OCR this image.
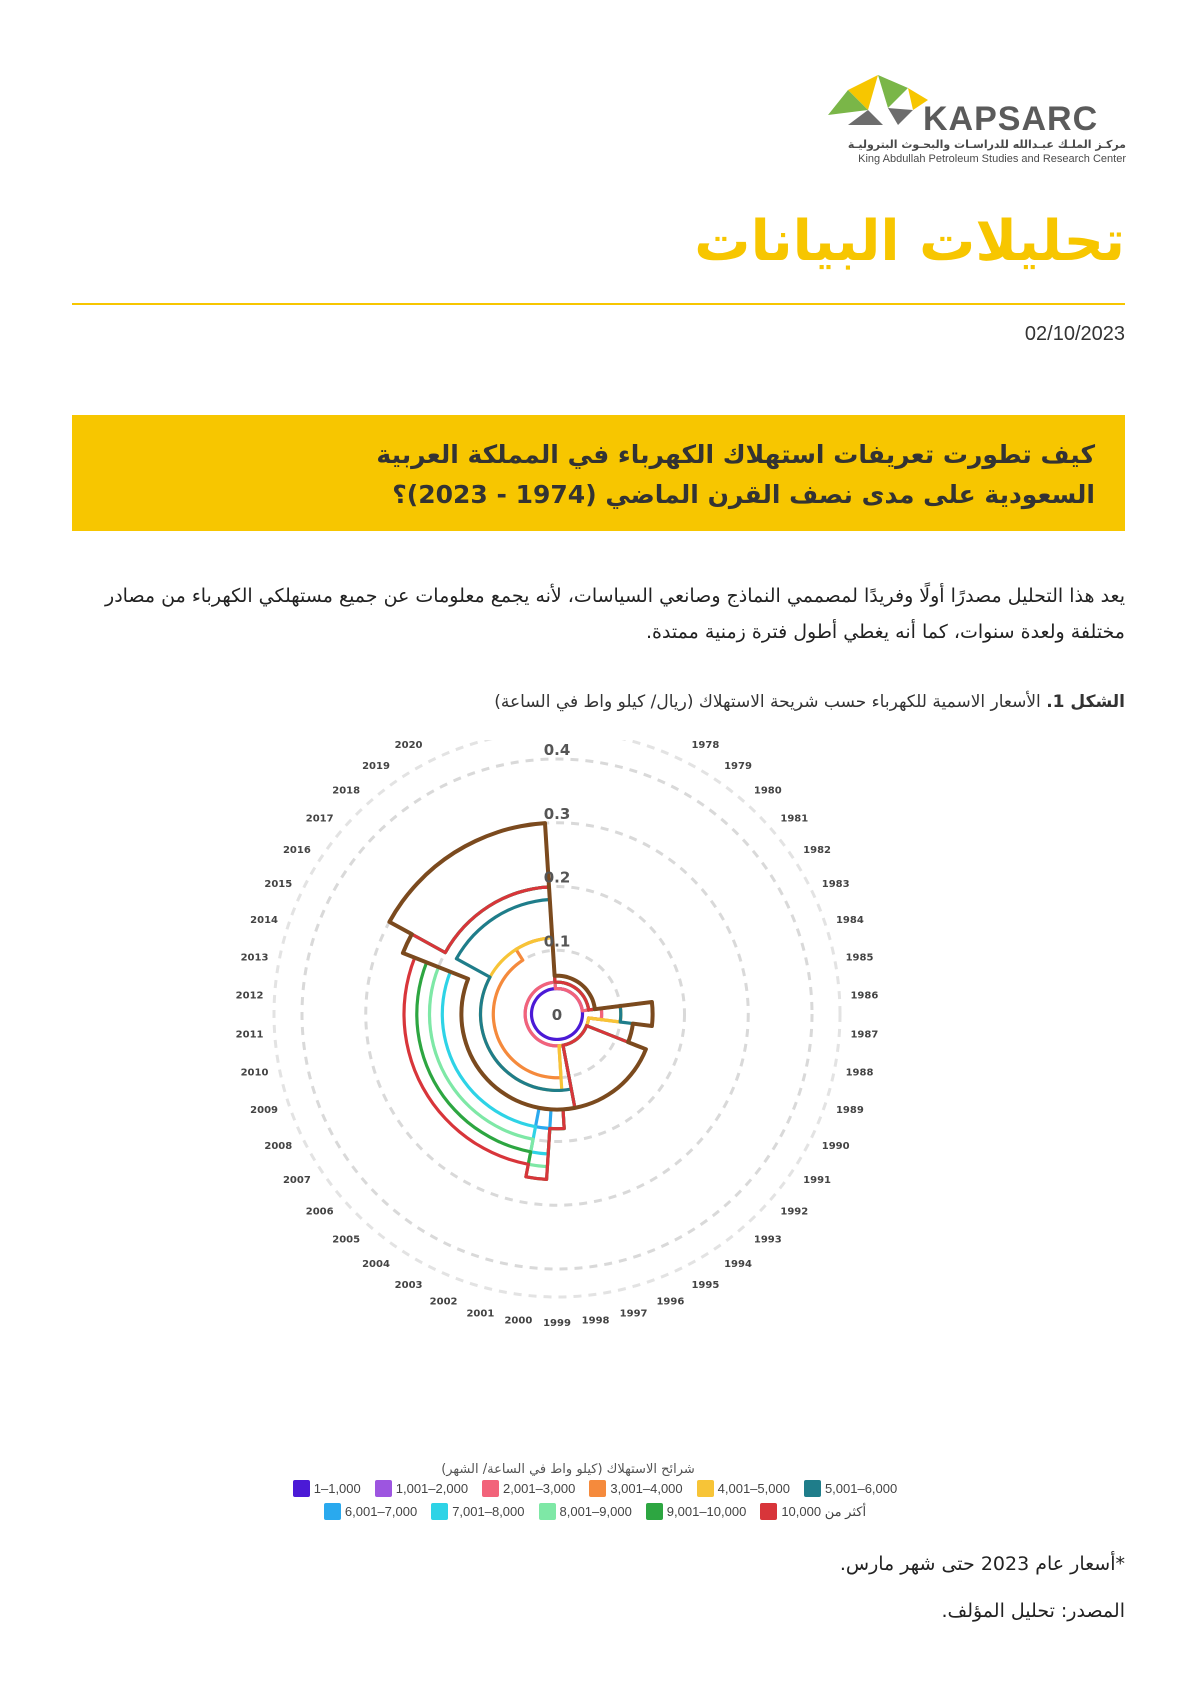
KAPSARC
مركـز الملـك عبـدالله للدراسـات والبحـوث البتروليـة
King Abdullah Petroleum Studies and Research Center
تحليلات البيانات
02/10/2023

كيف تطورت تعريفات استهلاك الكهرباء في المملكة العربية
السعودية على مدى نصف القرن الماضي (1974 - 2023)؟

يعد هذا التحليل مصدرًا أولًا وفريدًا لمصممي النماذج وصانعي السياسات، لأنه يجمع معلومات عن جميع مستهلكي الكهرباء من مصادر مختلفة ولعدة سنوات، كما أنه يغطي أطول فترة زمنية ممتدة.

الشكل 1. الأسعار الاسمية للكهرباء حسب شريحة الاستهلاك (ريال/ كيلو واط في الساعة)
0
0.1
0.2
0.3
0.4	1978
1979
1980
1981
1982
1983
1984
1985
1986
1987
1988
1989
1990
1991
1992
1993
1994
1995
1996
1997
1998
1999
2000
2001
2002
2003
2004
2005
2006
2007
2008
2009
2010
2011
2012
2013
2014
2015
2016
2017
2018
2019
2020
شرائح الاستهلاك (كيلو واط في الساعة/ الشهر)
1–1,000	1,001–2,000	2,001–3,000	3,001–4,000	4,001–5,000	5,001–6,000
6,001–7,000	7,001–8,000	8,001–9,000	9,001–10,000	أكثر من 10,000
*أسعار عام 2023 حتى شهر مارس.
المصدر: تحليل المؤلف.
